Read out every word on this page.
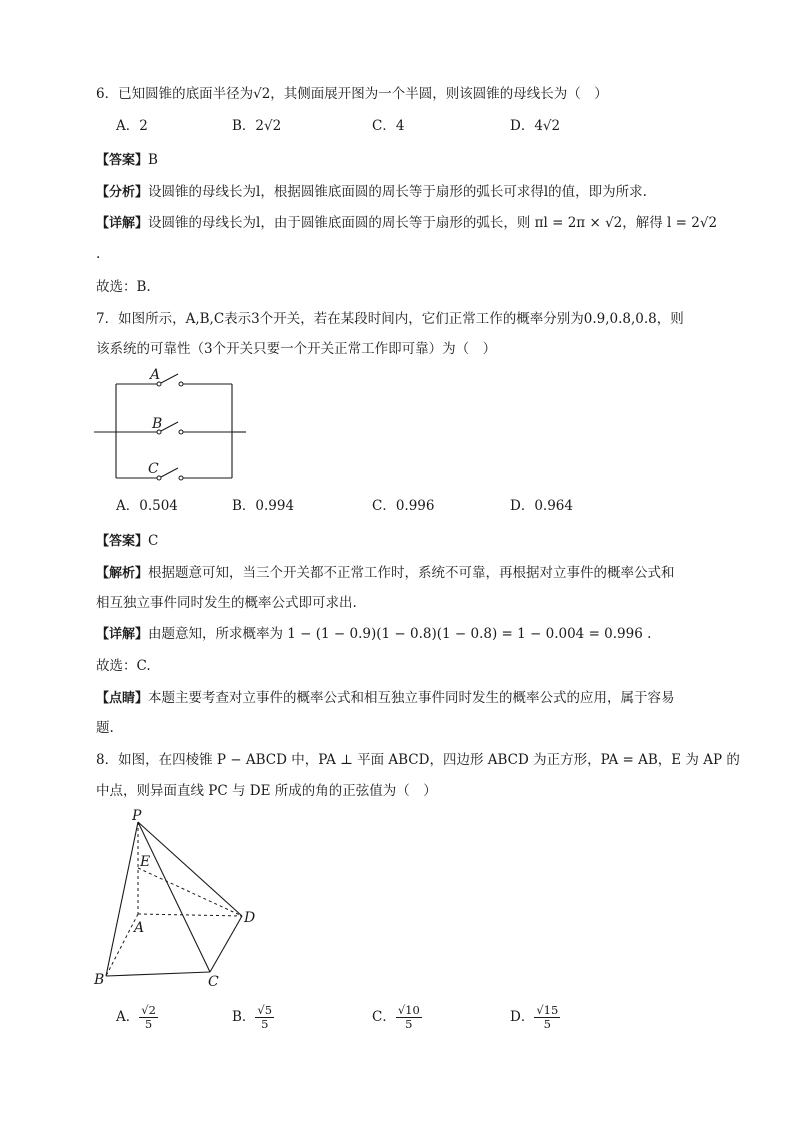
6．已知圆锥的底面半径为√2，其侧面展开图为一个半圆，则该圆锥的母线长为（　）
A．2	B．2√2	C．4	D．4√2
【答案】B
【分析】设圆锥的母线长为l，根据圆锥底面圆的周长等于扇形的弧长可求得l的值，即为所求.
【详解】设圆锥的母线长为l，由于圆锥底面圆的周长等于扇形的弧长，则 πl = 2π × √2，解得 l = 2√2
.
故选：B.
7．如图所示，A,B,C表示3个开关，若在某段时间内，它们正常工作的概率分别为0.9,0.8,0.8，则
该系统的可靠性（3个开关只要一个开关正常工作即可靠）为（　）
A
B
C
A．0.504	B．0.994	C．0.996	D．0.964
【答案】C
【解析】根据题意可知，当三个开关都不正常工作时，系统不可靠，再根据对立事件的概率公式和
相互独立事件同时发生的概率公式即可求出.
【详解】由题意知，所求概率为 1 − (1 − 0.9)(1 − 0.8)(1 − 0.8) = 1 − 0.004 = 0.996 .
故选：C.
【点睛】本题主要考查对立事件的概率公式和相互独立事件同时发生的概率公式的应用，属于容易
题.
8．如图，在四棱锥 P − ABCD 中，PA ⊥ 平面 ABCD，四边形 ABCD 为正方形，PA = AB，E 为 AP 的
中点，则异面直线 PC 与 DE 所成的角的正弦值为（　）
P
E
A
B	C
D
A． $\frac{√2}{5}$	B． $\frac{√5}{5}$	C． $\frac{√10}{5}$	D． $\frac{√15}{5}$
